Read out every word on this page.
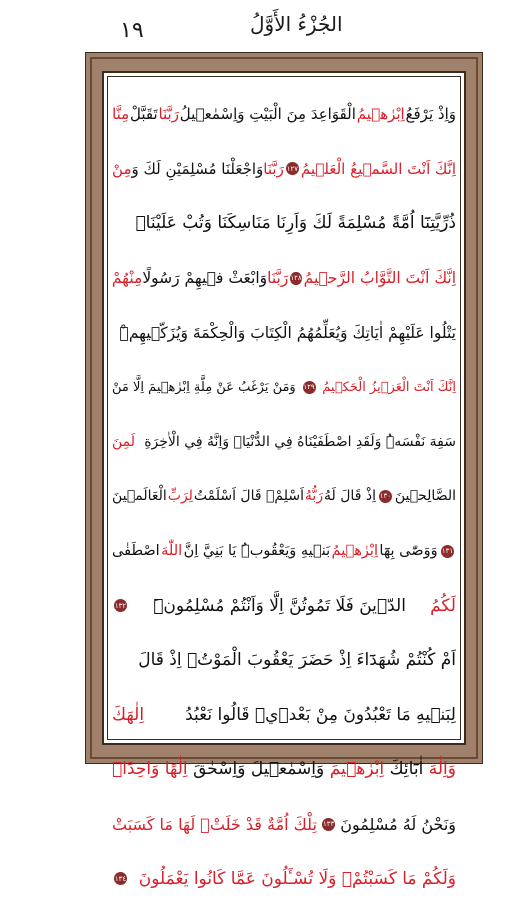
١٩	الجُزْءُ الأَوَّلُ
وَاِذْ يَرْفَعُ
اِبْرٰهٖيمُ
الْقَوَاعِدَ مِنَ الْبَيْتِ وَاِسْمٰعٖيلُ
رَبَّنَا
تَقَبَّلْ
مِنَّا
اِنَّكَ اَنْتَ السَّمٖيعُ الْعَلٖيمُ
١٢٧
رَبَّنَا
وَاجْعَلْنَا مُسْلِمَيْنِ لَكَ وَ
مِنْ
ذُرِّيَّتِنَٓا اُمَّةً مُسْلِمَةً لَكَ وَاَرِنَا مَنَاسِكَنَا وَتُبْ عَلَيْنَاۚ
اِنَّكَ اَنْتَ التَّوَّابُ الرَّحٖيمُ
١٢٨
رَبَّنَا
وَابْعَثْ فٖيهِمْ رَسُولًا
مِنْهُمْ
يَتْلُوا عَلَيْهِمْ اٰيَاتِكَ وَيُعَلِّمُهُمُ الْكِتَابَ وَالْحِكْمَةَ وَيُزَكّٖيهِمْۜ
اِنَّكَ اَنْتَ الْعَزٖيزُ الْحَكٖيمُ
١٢٩
وَمَنْ يَرْغَبُ عَنْ مِلَّةِ اِبْرٰهٖيمَ اِلَّا مَنْ
سَفِهَ نَفْسَهُۜ وَلَقَدِ اصْطَفَيْنَاهُ فِي الدُّنْيَاۚ وَاِنَّهُ فِي الْاٰخِرَةِ
لَمِنَ
الصَّالِحٖينَ
١٣٠
اِذْ قَالَ لَهُ
رَبُّهُ
اَسْلِمْۙ قَالَ اَسْلَمْتُ
لِرَبِّ
الْعَالَمٖينَ
١٣١
وَوَصّٰى بِهَٓا
اِبْرٰهٖيمُ
بَنٖيهِ وَيَعْقُوبُۜ يَا بَنِيَّ اِنَّ
اللّٰهَ
اصْطَفٰى
لَكُمُ
الدّٖينَ فَلَا تَمُوتُنَّ اِلَّا وَاَنْتُمْ مُسْلِمُونَۜ
١٣٢
اَمْ كُنْتُمْ شُهَدَٓاءَ اِذْ حَضَرَ يَعْقُوبَ الْمَوْتُۙ اِذْ قَالَ
لِبَنٖيهِ مَا تَعْبُدُونَ مِنْ بَعْدٖيۜ قَالُوا نَعْبُدُ
اِلٰهَكَ
وَاِلٰهَ
اٰبَٓائِكَ
اِبْرٰهٖيمَ
وَاِسْمٰعٖيلَ وَاِسْحٰقَ
اِلٰهًا وَاحِدًاۚ
وَنَحْنُ لَهُ مُسْلِمُونَ
١٣٣
تِلْكَ اُمَّةٌ قَدْ خَلَتْۚ لَهَا مَا كَسَبَتْ
وَلَكُمْ مَا كَسَبْتُمْۚ وَلَا تُسْـَٔلُونَ عَمَّا كَانُوا يَعْمَلُونَ
١٣٤
